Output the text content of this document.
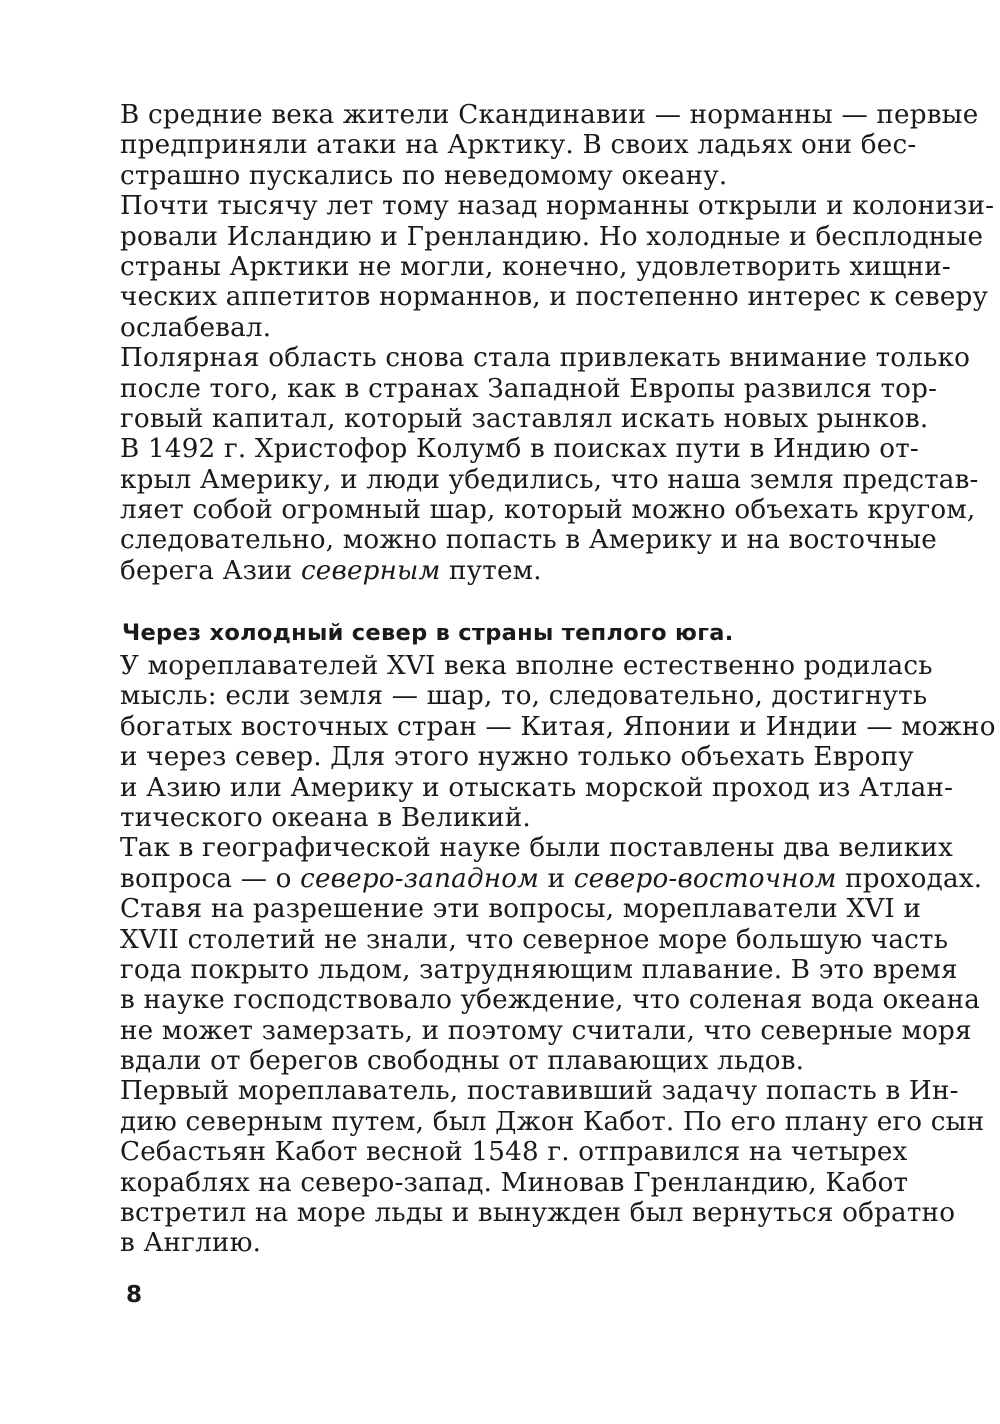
В средние века жители Скандинавии — норманны — первые
предприняли атаки на Арктику. В своих ладьях они бес-
страшно пускались по неведомому океану.

Почти тысячу лет тому назад норманны открыли и колонизи-
ровали Исландию и Гренландию. Но холодные и бесплодные
страны Арктики не могли, конечно, удовлетворить хищни-
ческих аппетитов норманнов, и постепенно интерес к северу
ослабевал.

Полярная область снова стала привлекать внимание только
после того, как в странах Западной Европы развился тор-
говый капитал, который заставлял искать новых рынков.
В 1492 г. Христофор Колумб в поисках пути в Индию от-
крыл Америку, и люди убедились, что наша земля представ-
ляет собой огромный шар, который можно объехать кругом,
следовательно, можно попасть в Америку и на восточные
берега Азии северным путем.

Через холодный север в страны теплого юга.

У мореплавателей XVI века вполне естественно родилась
мысль: если земля — шар, то, следовательно, достигнуть
богатых восточных стран — Китая, Японии и Индии — можно
и через север. Для этого нужно только объехать Европу
и Азию или Америку и отыскать морской проход из Атлан-
тического океана в Великий.

Так в географической науке были поставлены два великих
вопроса — о северо-западном и северо-восточном проходах.
Ставя на разрешение эти вопросы, мореплаватели XVI и
XVII столетий не знали, что северное море большую часть
года покрыто льдом, затрудняющим плавание. В это время
в науке господствовало убеждение, что соленая вода океана
не может замерзать, и поэтому считали, что северные моря
вдали от берегов свободны от плавающих льдов.

Первый мореплаватель, поставивший задачу попасть в Ин-
дию северным путем, был Джон Кабот. По его плану его сын
Себастьян Кабот весной 1548 г. отправился на четырех
кораблях на северо-запад. Миновав Гренландию, Кабот
встретил на море льды и вынужден был вернуться обратно
в Англию.

8
